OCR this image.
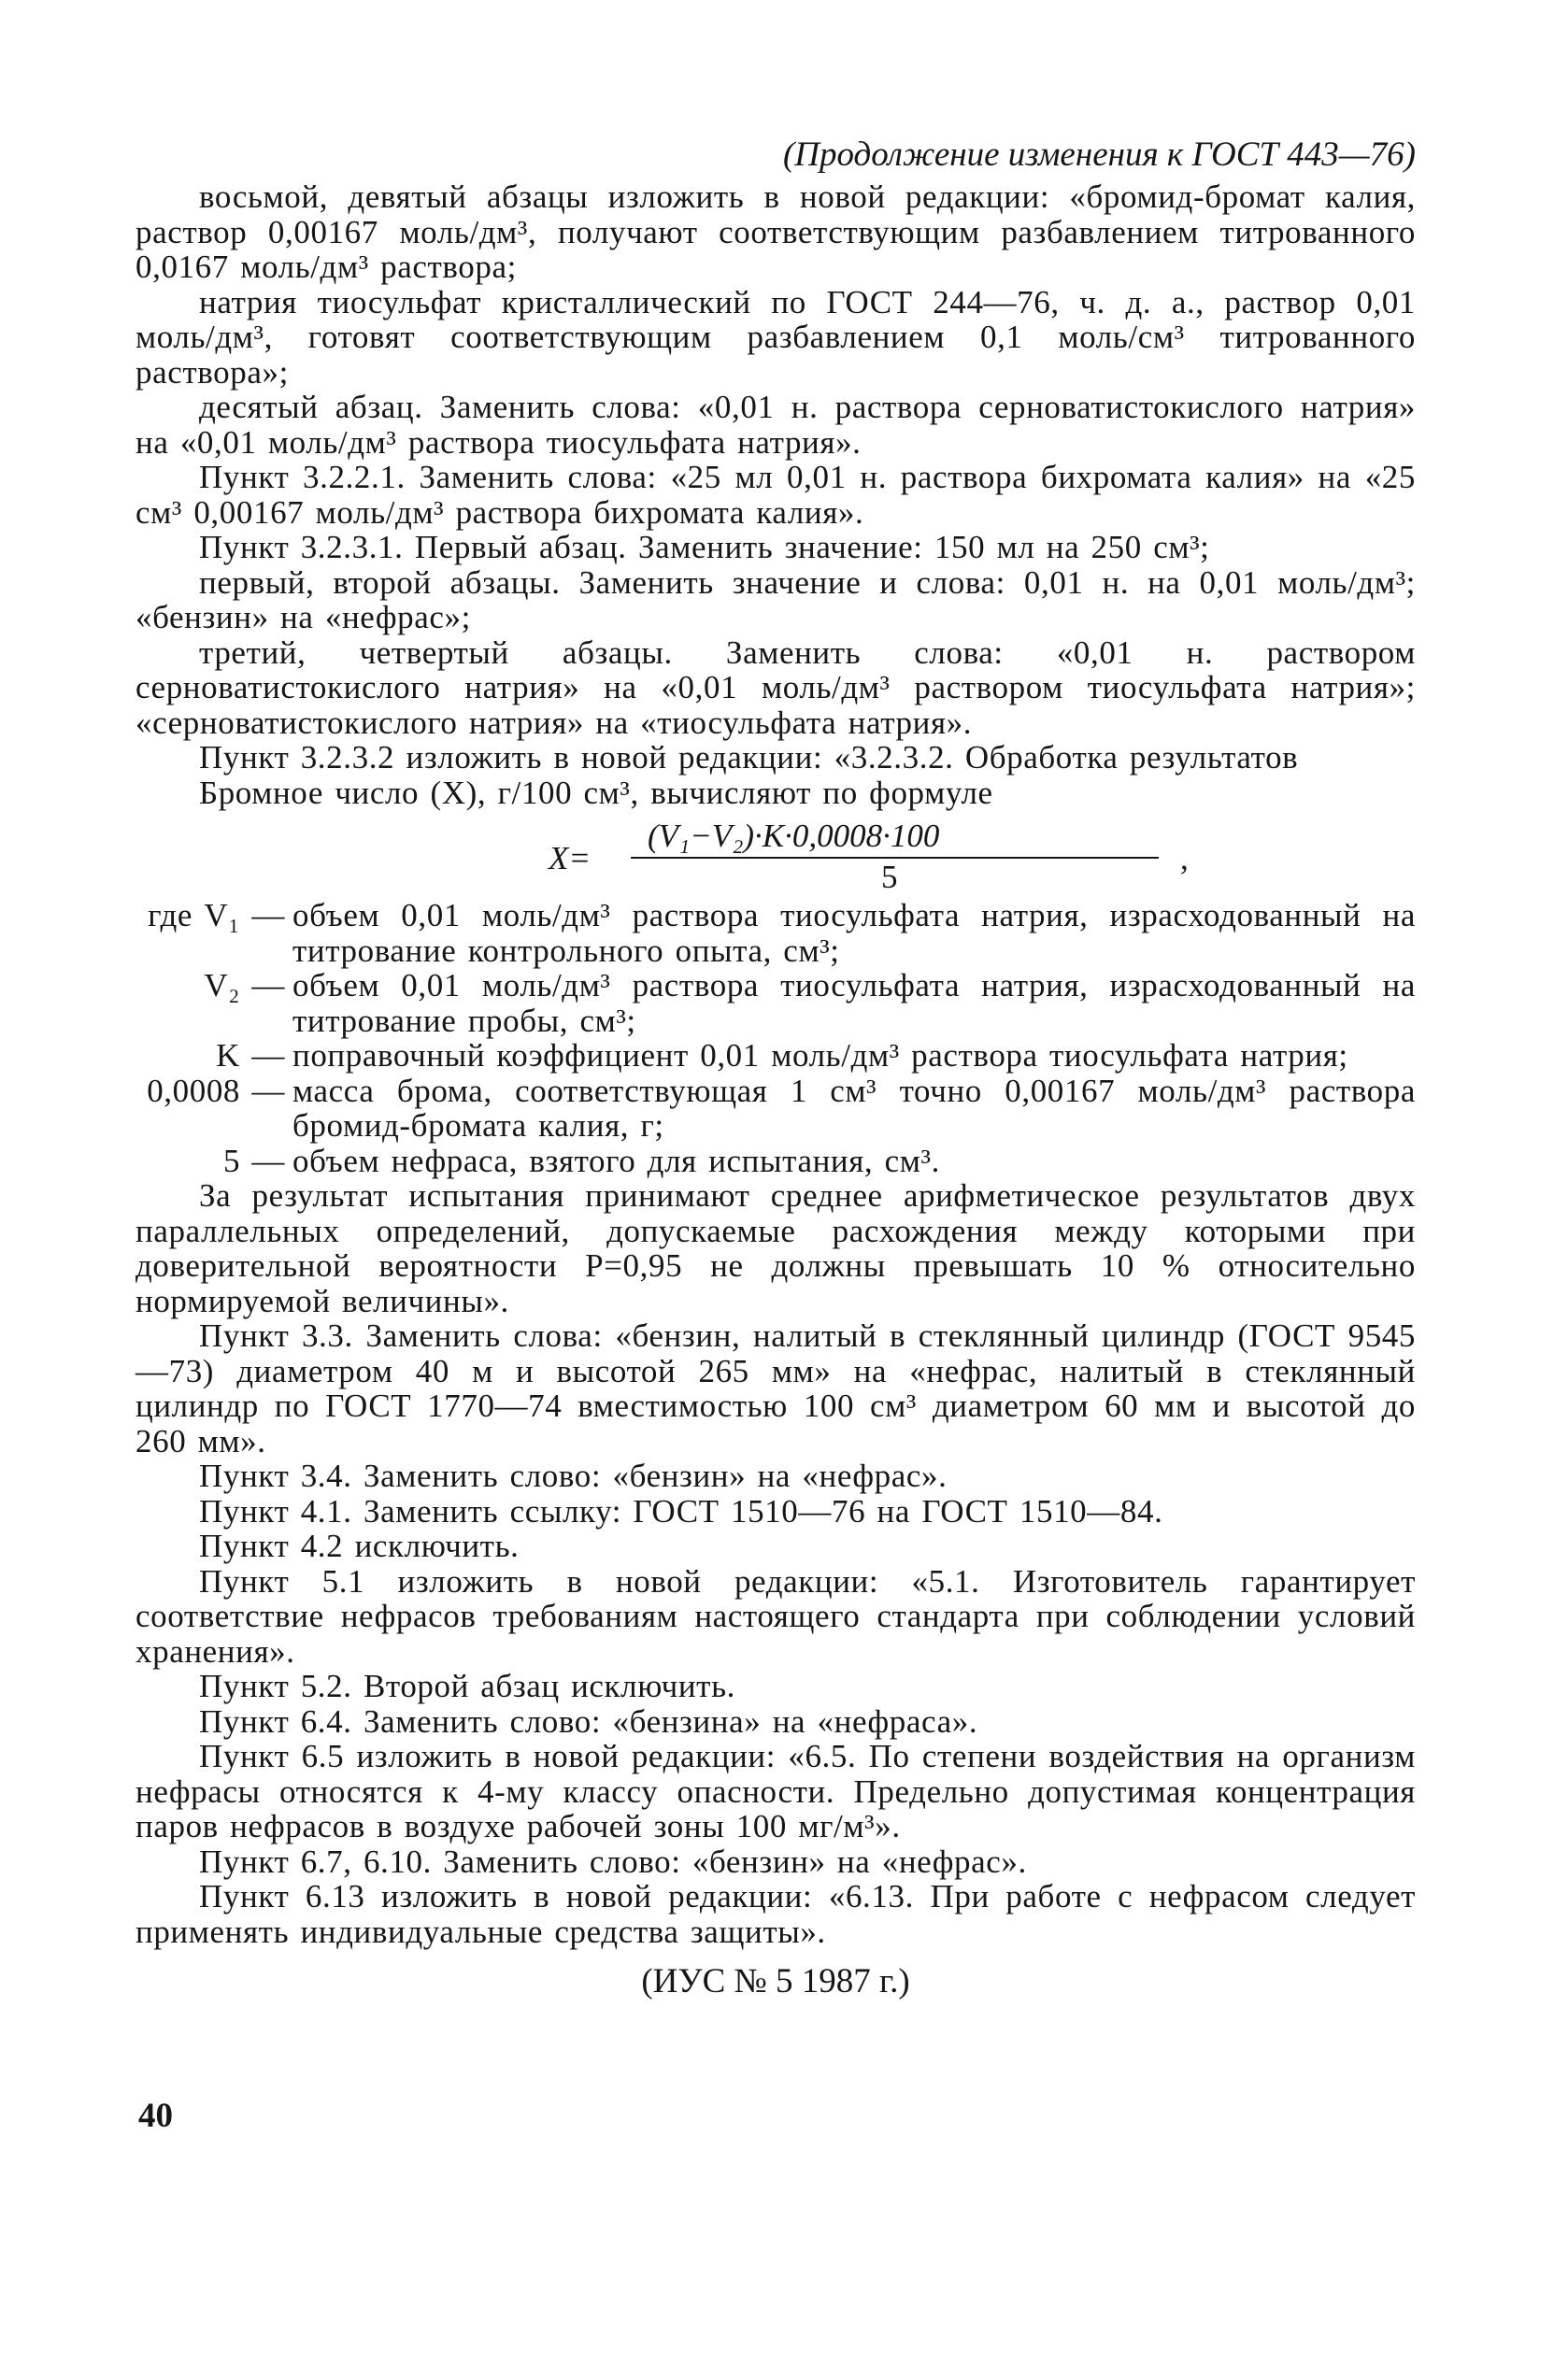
(Продолжение изменения к ГОСТ 443—76)

восьмой, девятый абзацы изложить в новой редакции: «бромид-бромат калия, раствор 0,00167 моль/дм³, получают соответствующим разбавлением титрованного 0,0167 моль/дм³ раствора;

натрия тиосульфат кристаллический по ГОСТ 244—76, ч. д. а., раствор 0,01 моль/дм³, готовят соответствующим разбавлением 0,1 моль/см³ титрованного раствора»;

десятый абзац. Заменить слова: «0,01 н. раствора серноватистокислого натрия» на «0,01 моль/дм³ раствора тиосульфата натрия».

Пункт 3.2.2.1. Заменить слова: «25 мл 0,01 н. раствора бихромата калия» на «25 см³ 0,00167 моль/дм³ раствора бихромата калия».

Пункт 3.2.3.1. Первый абзац. Заменить значение: 150 мл на 250 см³;

первый, второй абзацы. Заменить значение и слова: 0,01 н. на 0,01 моль/дм³; «бензин» на «нефрас»;

третий, четвертый абзацы. Заменить слова: «0,01 н. раствором серноватистокислого натрия» на «0,01 моль/дм³ раствором тиосульфата натрия»; «серноватистокислого натрия» на «тиосульфата натрия».

Пункт 3.2.3.2 изложить в новой редакции: «3.2.3.2. Обработка результатов

Бромное число (X), г/100 см³, вычисляют по формуле

X=
(V₁−V₂)·K·0,0008·100
5
,
где V₁ — объем 0,01 моль/дм³ раствора тиосульфата натрия, израсходованный на титрование контрольного опыта, см³;
V₂ — объем 0,01 моль/дм³ раствора тиосульфата натрия, израсходованный на титрование пробы, см³;
K — поправочный коэффициент 0,01 моль/дм³ раствора тиосульфата натрия;
0,0008 — масса брома, соответствующая 1 см³ точно 0,00167 моль/дм³ раствора бромид-бромата калия, г;
5 — объем нефраса, взятого для испытания, см³.

За результат испытания принимают среднее арифметическое результатов двух параллельных определений, допускаемые расхождения между которыми при доверительной вероятности P=0,95 не должны превышать 10 % относительно нормируемой величины».

Пункт 3.3. Заменить слова: «бензин, налитый в стеклянный цилиндр (ГОСТ 9545—73) диаметром 40 м и высотой 265 мм» на «нефрас, налитый в стеклянный цилиндр по ГОСТ 1770—74 вместимостью 100 см³ диаметром 60 мм и высотой до 260 мм».

Пункт 3.4. Заменить слово: «бензин» на «нефрас».

Пункт 4.1. Заменить ссылку: ГОСТ 1510—76 на ГОСТ 1510—84.

Пункт 4.2 исключить.

Пункт 5.1 изложить в новой редакции: «5.1. Изготовитель гарантирует соответствие нефрасов требованиям настоящего стандарта при соблюдении условий хранения».

Пункт 5.2. Второй абзац исключить.

Пункт 6.4. Заменить слово: «бензина» на «нефраса».

Пункт 6.5 изложить в новой редакции: «6.5. По степени воздействия на организм нефрасы относятся к 4-му классу опасности. Предельно допустимая концентрация паров нефрасов в воздухе рабочей зоны 100 мг/м³».

Пункт 6.7, 6.10. Заменить слово: «бензин» на «нефрас».

Пункт 6.13 изложить в новой редакции: «6.13. При работе с нефрасом следует применять индивидуальные средства защиты».

(ИУС № 5 1987 г.)
40
